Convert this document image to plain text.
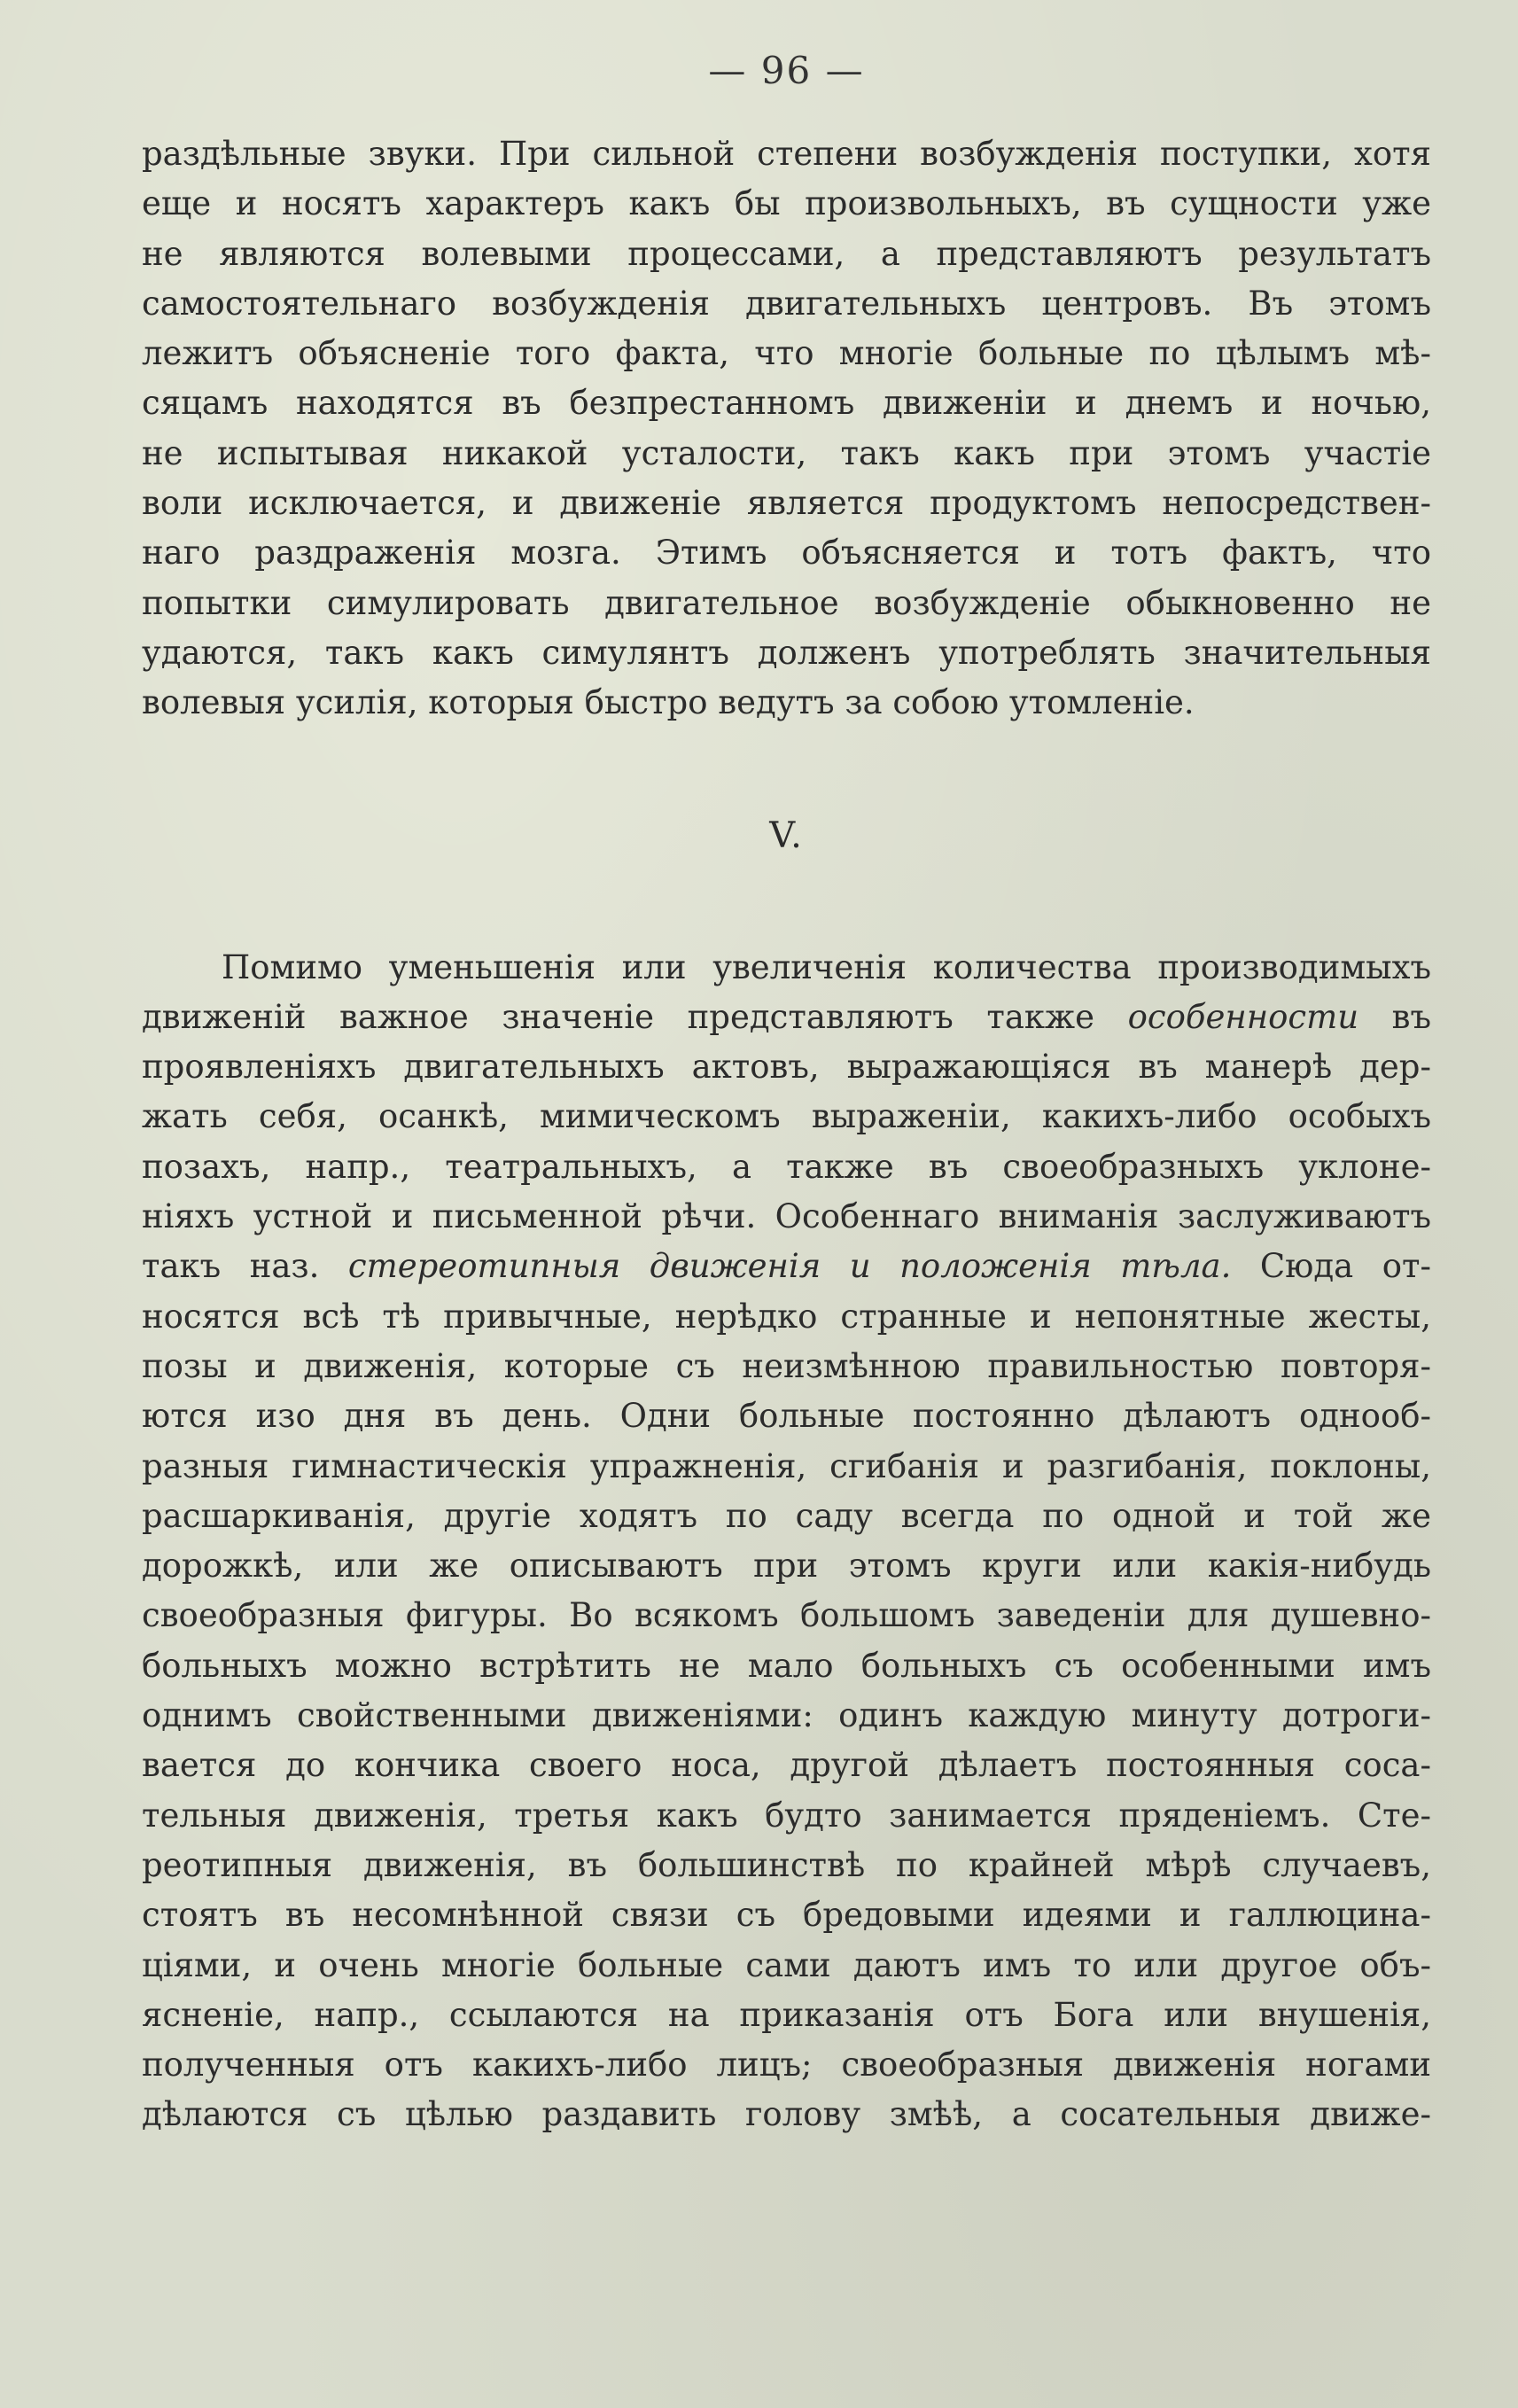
— 96 —
раздѣльные звуки. При сильной степени возбужденія поступки, хотя
еще и носятъ характеръ какъ бы произвольныхъ, въ сущности уже
не являются волевыми процессами, а представляютъ результатъ
самостоятельнаго возбужденія двигательныхъ центровъ. Въ этомъ
лежитъ объясненіе того факта, что многіе больные по цѣлымъ мѣ-
сяцамъ находятся въ безпрестанномъ движеніи и днемъ и ночью,
не испытывая никакой усталости, такъ какъ при этомъ участіе
воли исключается, и движеніе является продуктомъ непосредствен-
наго раздраженія мозга. Этимъ объясняется и тотъ фактъ, что
попытки симулировать двигательное возбужденіе обыкновенно не
удаются, такъ какъ симулянтъ долженъ употреблять значительныя
волевыя усилія, которыя быстро ведутъ за собою утомленіе.
V.
Помимо уменьшенія или увеличенія количества производимыхъ
движеній важное значеніе представляютъ также особенности въ
проявленіяхъ двигательныхъ актовъ, выражающіяся въ манерѣ дер-
жать себя, осанкѣ, мимическомъ выраженіи, какихъ-либо особыхъ
позахъ, напр., театральныхъ, а также въ своеобразныхъ уклоне-
ніяхъ устной и письменной рѣчи. Особеннаго вниманія заслуживаютъ
такъ наз. стереотипныя движенія и положенія тѣла. Сюда от-
носятся всѣ тѣ привычные, нерѣдко странные и непонятные жесты,
позы и движенія, которые съ неизмѣнною правильностью повторя-
ются изо дня въ день. Одни больные постоянно дѣлаютъ однооб-
разныя гимнастическія упражненія, сгибанія и разгибанія, поклоны,
расшаркиванія, другіе ходятъ по саду всегда по одной и той же
дорожкѣ, или же описываютъ при этомъ круги или какія-нибудь
своеобразныя фигуры. Во всякомъ большомъ заведеніи для душевно-
больныхъ можно встрѣтить не мало больныхъ съ особенными имъ
однимъ свойственными движеніями: одинъ каждую минуту дотроги-
вается до кончика своего носа, другой дѣлаетъ постоянныя соса-
тельныя движенія, третья какъ будто занимается пряденіемъ. Сте-
реотипныя движенія, въ большинствѣ по крайней мѣрѣ случаевъ,
стоятъ въ несомнѣнной связи съ бредовыми идеями и галлюцина-
ціями, и очень многіе больные сами даютъ имъ то или другое объ-
ясненіе, напр., ссылаются на приказанія отъ Бога или внушенія,
полученныя отъ какихъ-либо лицъ; своеобразныя движенія ногами
дѣлаются съ цѣлью раздавить голову змѣѣ, а сосательныя движе-
